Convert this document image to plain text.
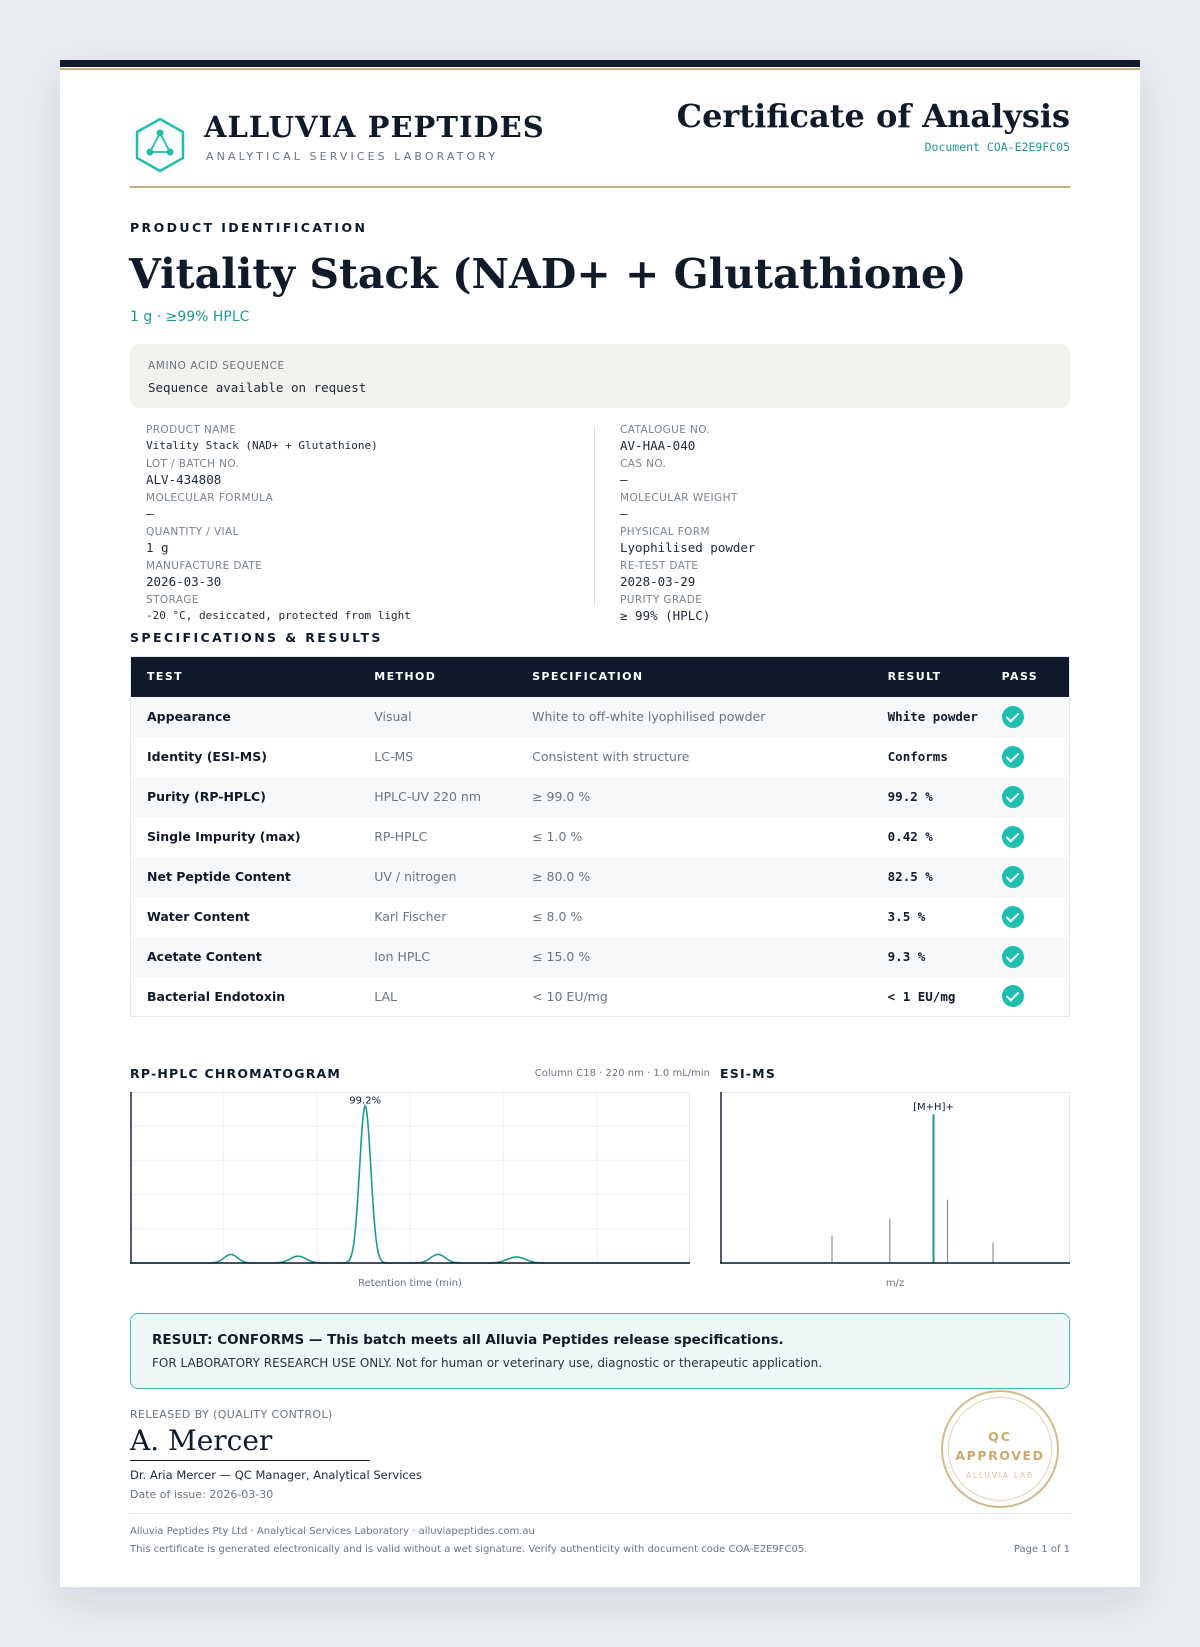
ALLUVIA PEPTIDES
ANALYTICAL SERVICES LABORATORY
Certificate of Analysis
Document COA-E2E9FC05
PRODUCT IDENTIFICATION
Vitality Stack (NAD+ + Glutathione)
1 g · ≥99% HPLC
AMINO ACID SEQUENCE
Sequence available on request
PRODUCT NAME
Vitality Stack (NAD+ + Glutathione)
LOT / BATCH NO.
ALV-434808
MOLECULAR FORMULA
—
QUANTITY / VIAL
1 g
MANUFACTURE DATE
2026-03-30
STORAGE
-20 °C, desiccated, protected from light
CATALOGUE NO.
AV-HAA-040
CAS NO.
—
MOLECULAR WEIGHT
—
PHYSICAL FORM
Lyophilised powder
RE-TEST DATE
2028-03-29
PURITY GRADE
≥ 99% (HPLC)
SPECIFICATIONS & RESULTS
TEST	METHOD	SPECIFICATION	RESULT	PASS
Appearance	Visual	White to off-white lyophilised powder	White powder	
Identity (ESI-MS)	LC-MS	Consistent with structure	Conforms	
Purity (RP-HPLC)	HPLC-UV 220 nm	≥ 99.0 %	99.2 %	
Single Impurity (max)	RP-HPLC	≤ 1.0 %	0.42 %	
Net Peptide Content	UV / nitrogen	≥ 80.0 %	82.5 %	
Water Content	Karl Fischer	≤ 8.0 %	3.5 %	
Acetate Content	Ion HPLC	≤ 15.0 %	9.3 %	
Bacterial Endotoxin	LAL	< 10 EU/mg	< 1 EU/mg	
RP-HPLC CHROMATOGRAM	Column C18 · 220 nm · 1.0 mL/min
99.2%
Retention time (min)
ESI-MS
[M+H]+
m/z
RESULT: CONFORMS — This batch meets all Alluvia Peptides release specifications.
FOR LABORATORY RESEARCH USE ONLY. Not for human or veterinary use, diagnostic or therapeutic application.
RELEASED BY (QUALITY CONTROL)
A. Mercer
Dr. Aria Mercer — QC Manager, Analytical Services
Date of issue: 2026-03-30
QC
APPROVED
ALLUVIA LAB
Alluvia Peptides Pty Ltd · Analytical Services Laboratory · alluviapeptides.com.au
This certificate is generated electronically and is valid without a wet signature. Verify authenticity with document code COA-E2E9FC05.	Page 1 of 1
